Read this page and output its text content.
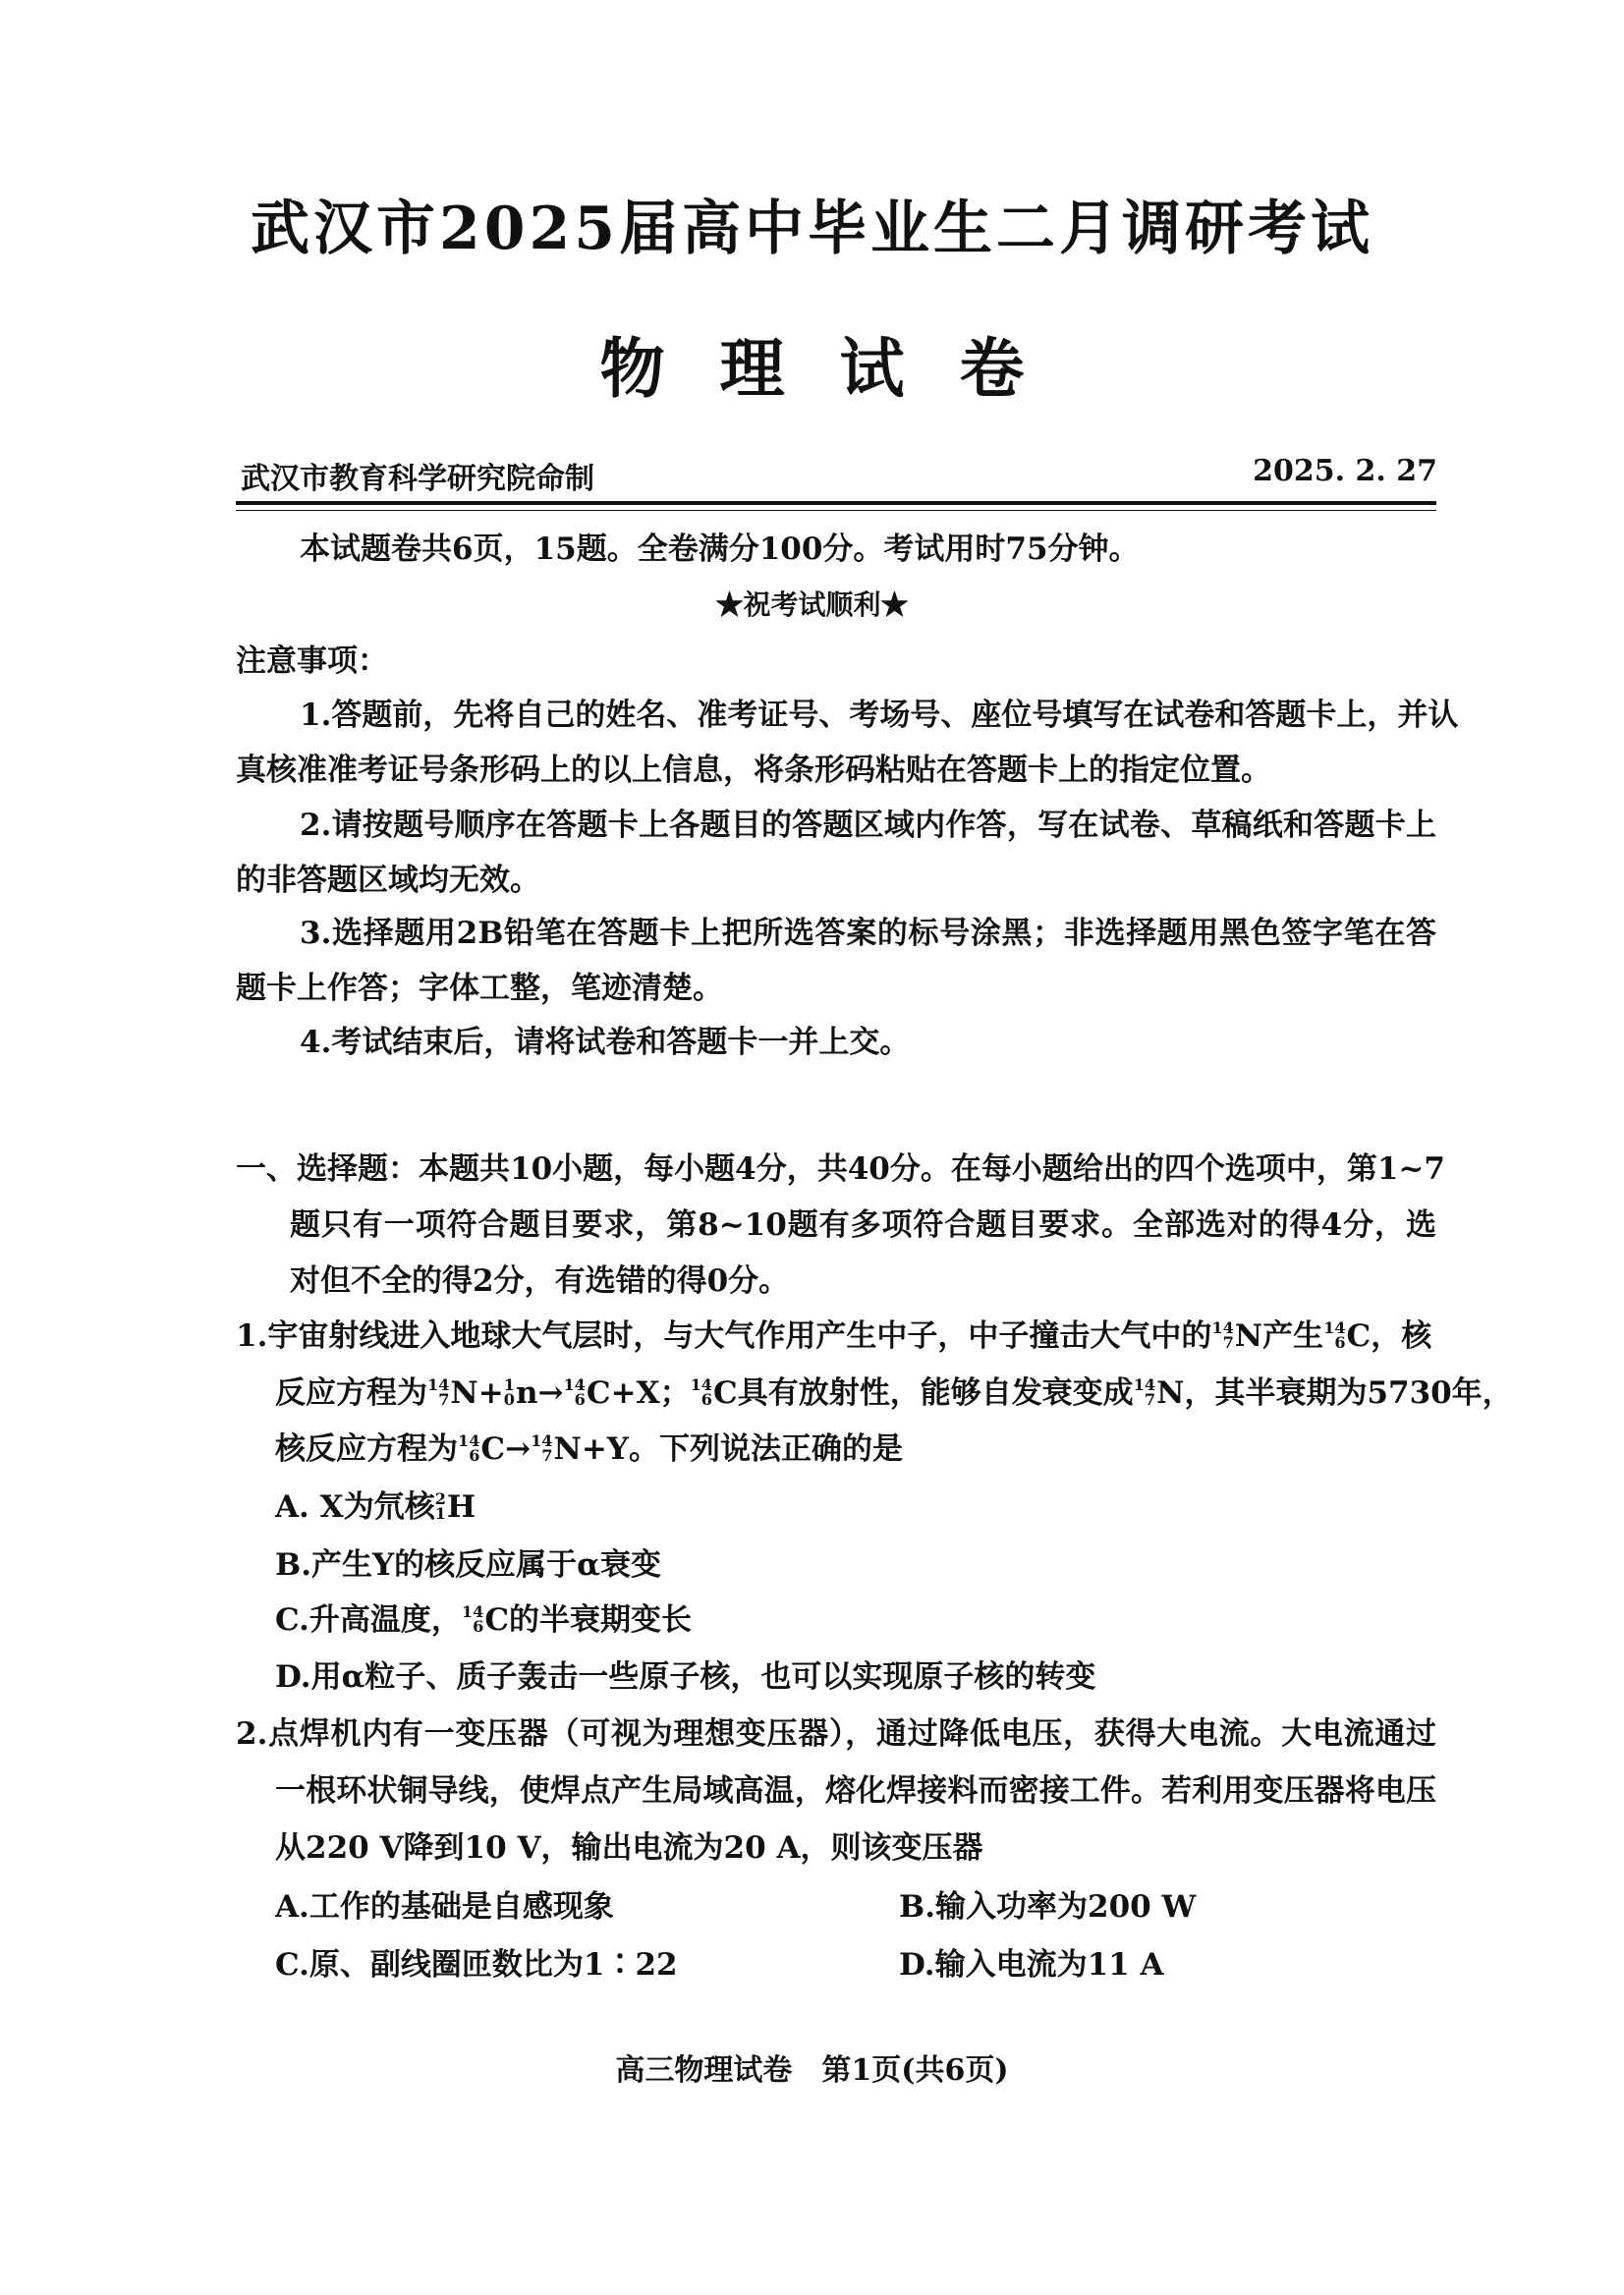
武汉市2025届高中毕业生二月调研考试
物 理 试 卷
武汉市教育科学研究院命制	2025. 2. 27
本试题卷共6页，15题。全卷满分100分。考试用时75分钟。
★祝考试顺利★
注意事项：
1.答题前，先将自己的姓名、准考证号、考场号、座位号填写在试卷和答题卡上，并认
真核准准考证号条形码上的以上信息，将条形码粘贴在答题卡上的指定位置。
2.请按题号顺序在答题卡上各题目的答题区域内作答，写在试卷、草稿纸和答题卡上
的非答题区域均无效。
3.选择题用2B铅笔在答题卡上把所选答案的标号涂黑；非选择题用黑色签字笔在答
题卡上作答；字体工整，笔迹清楚。
4.考试结束后，请将试卷和答题卡一并上交。
一、选择题：本题共10小题，每小题4分，共40分。在每小题给出的四个选项中，第1~7
题只有一项符合题目要求，第8~10题有多项符合题目要求。全部选对的得4分，选
对但不全的得2分，有选错的得0分。
1.宇宙射线进入地球大气层时，与大气作用产生中子，中子撞击大气中的 14
7 N产生 14
6 C，核
反应方程为 14
7 N+ 1
0 n→ 14
6 C+X； 14
6 C具有放射性，能够自发衰变成 14
7 N，其半衰期为5730年，
核反应方程为 14
6 C→ 14
7 N+Y。下列说法正确的是
A. X为氘核 2
1 H
B.产生Y的核反应属于α衰变
C.升高温度， 14
6 C的半衰期变长
D.用α粒子、质子轰击一些原子核，也可以实现原子核的转变
2.点焊机内有一变压器（可视为理想变压器），通过降低电压，获得大电流。大电流通过
一根环状铜导线，使焊点产生局域高温，熔化焊接料而密接工件。若利用变压器将电压
从220 V降到10 V，输出电流为20 A，则该变压器
A.工作的基础是自感现象	B.输入功率为200 W
C.原、副线圈匝数比为1∶22	D.输入电流为11 A
高三物理试卷　第1页(共6页)
